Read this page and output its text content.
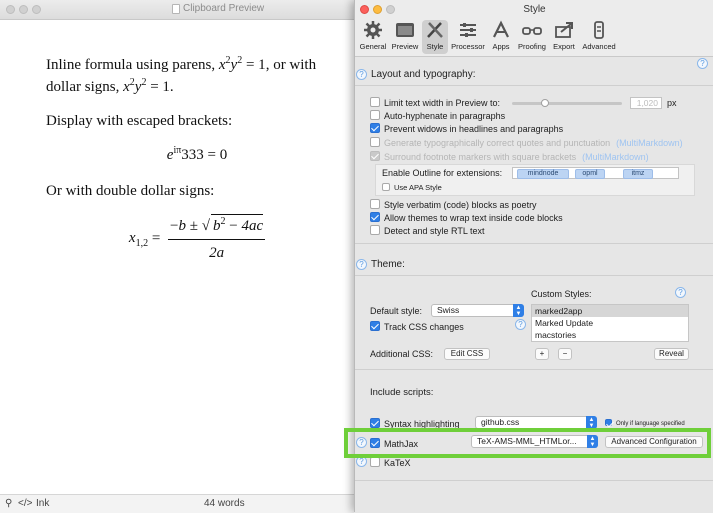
Clipboard Preview

Inline formula using parens, $x^2y^2 = 1$, or with dollar signs, $x^2y^2 = 1$.

Display with escaped brackets:

$e^{i\pi}333 = 0$

Or with double dollar signs:

$x_{1,2} = \frac{-b \pm √ b^2 - 4ac}{2a}$
⚲ </> Ink	44 words
Style
General Preview	Style	Processor	Apps	Proofing Export Advanced
? Layout and typography:
?
Limit text width in Preview to:	1,020	px
Auto-hyphenate in paragraphs
Prevent widows in headlines and paragraphs
Generate typographically correct quotes and punctuation (MultiMarkdown)
Surround footnote markers with square brackets (MultiMarkdown)
Enable Outline for extensions:	mindnode	opml	itmz
Use APA Style
Style verbatim (code) blocks as poetry
Allow themes to wrap text inside code blocks
Detect and style RTL text
? Theme:
Custom Styles:	?
Default style:	Swiss	▲
▼	marked2app
Marked Update
macstories
Track CSS changes	?
Additional CSS:	Edit CSS	+	−	Reveal
Include scripts:
Syntax highlighting	github.css	▲
▼	Only if language specified
?	MathJax	TeX-AMS-MML_HTMLor...	▲
▼	Advanced Configuration
?	KaTeX
